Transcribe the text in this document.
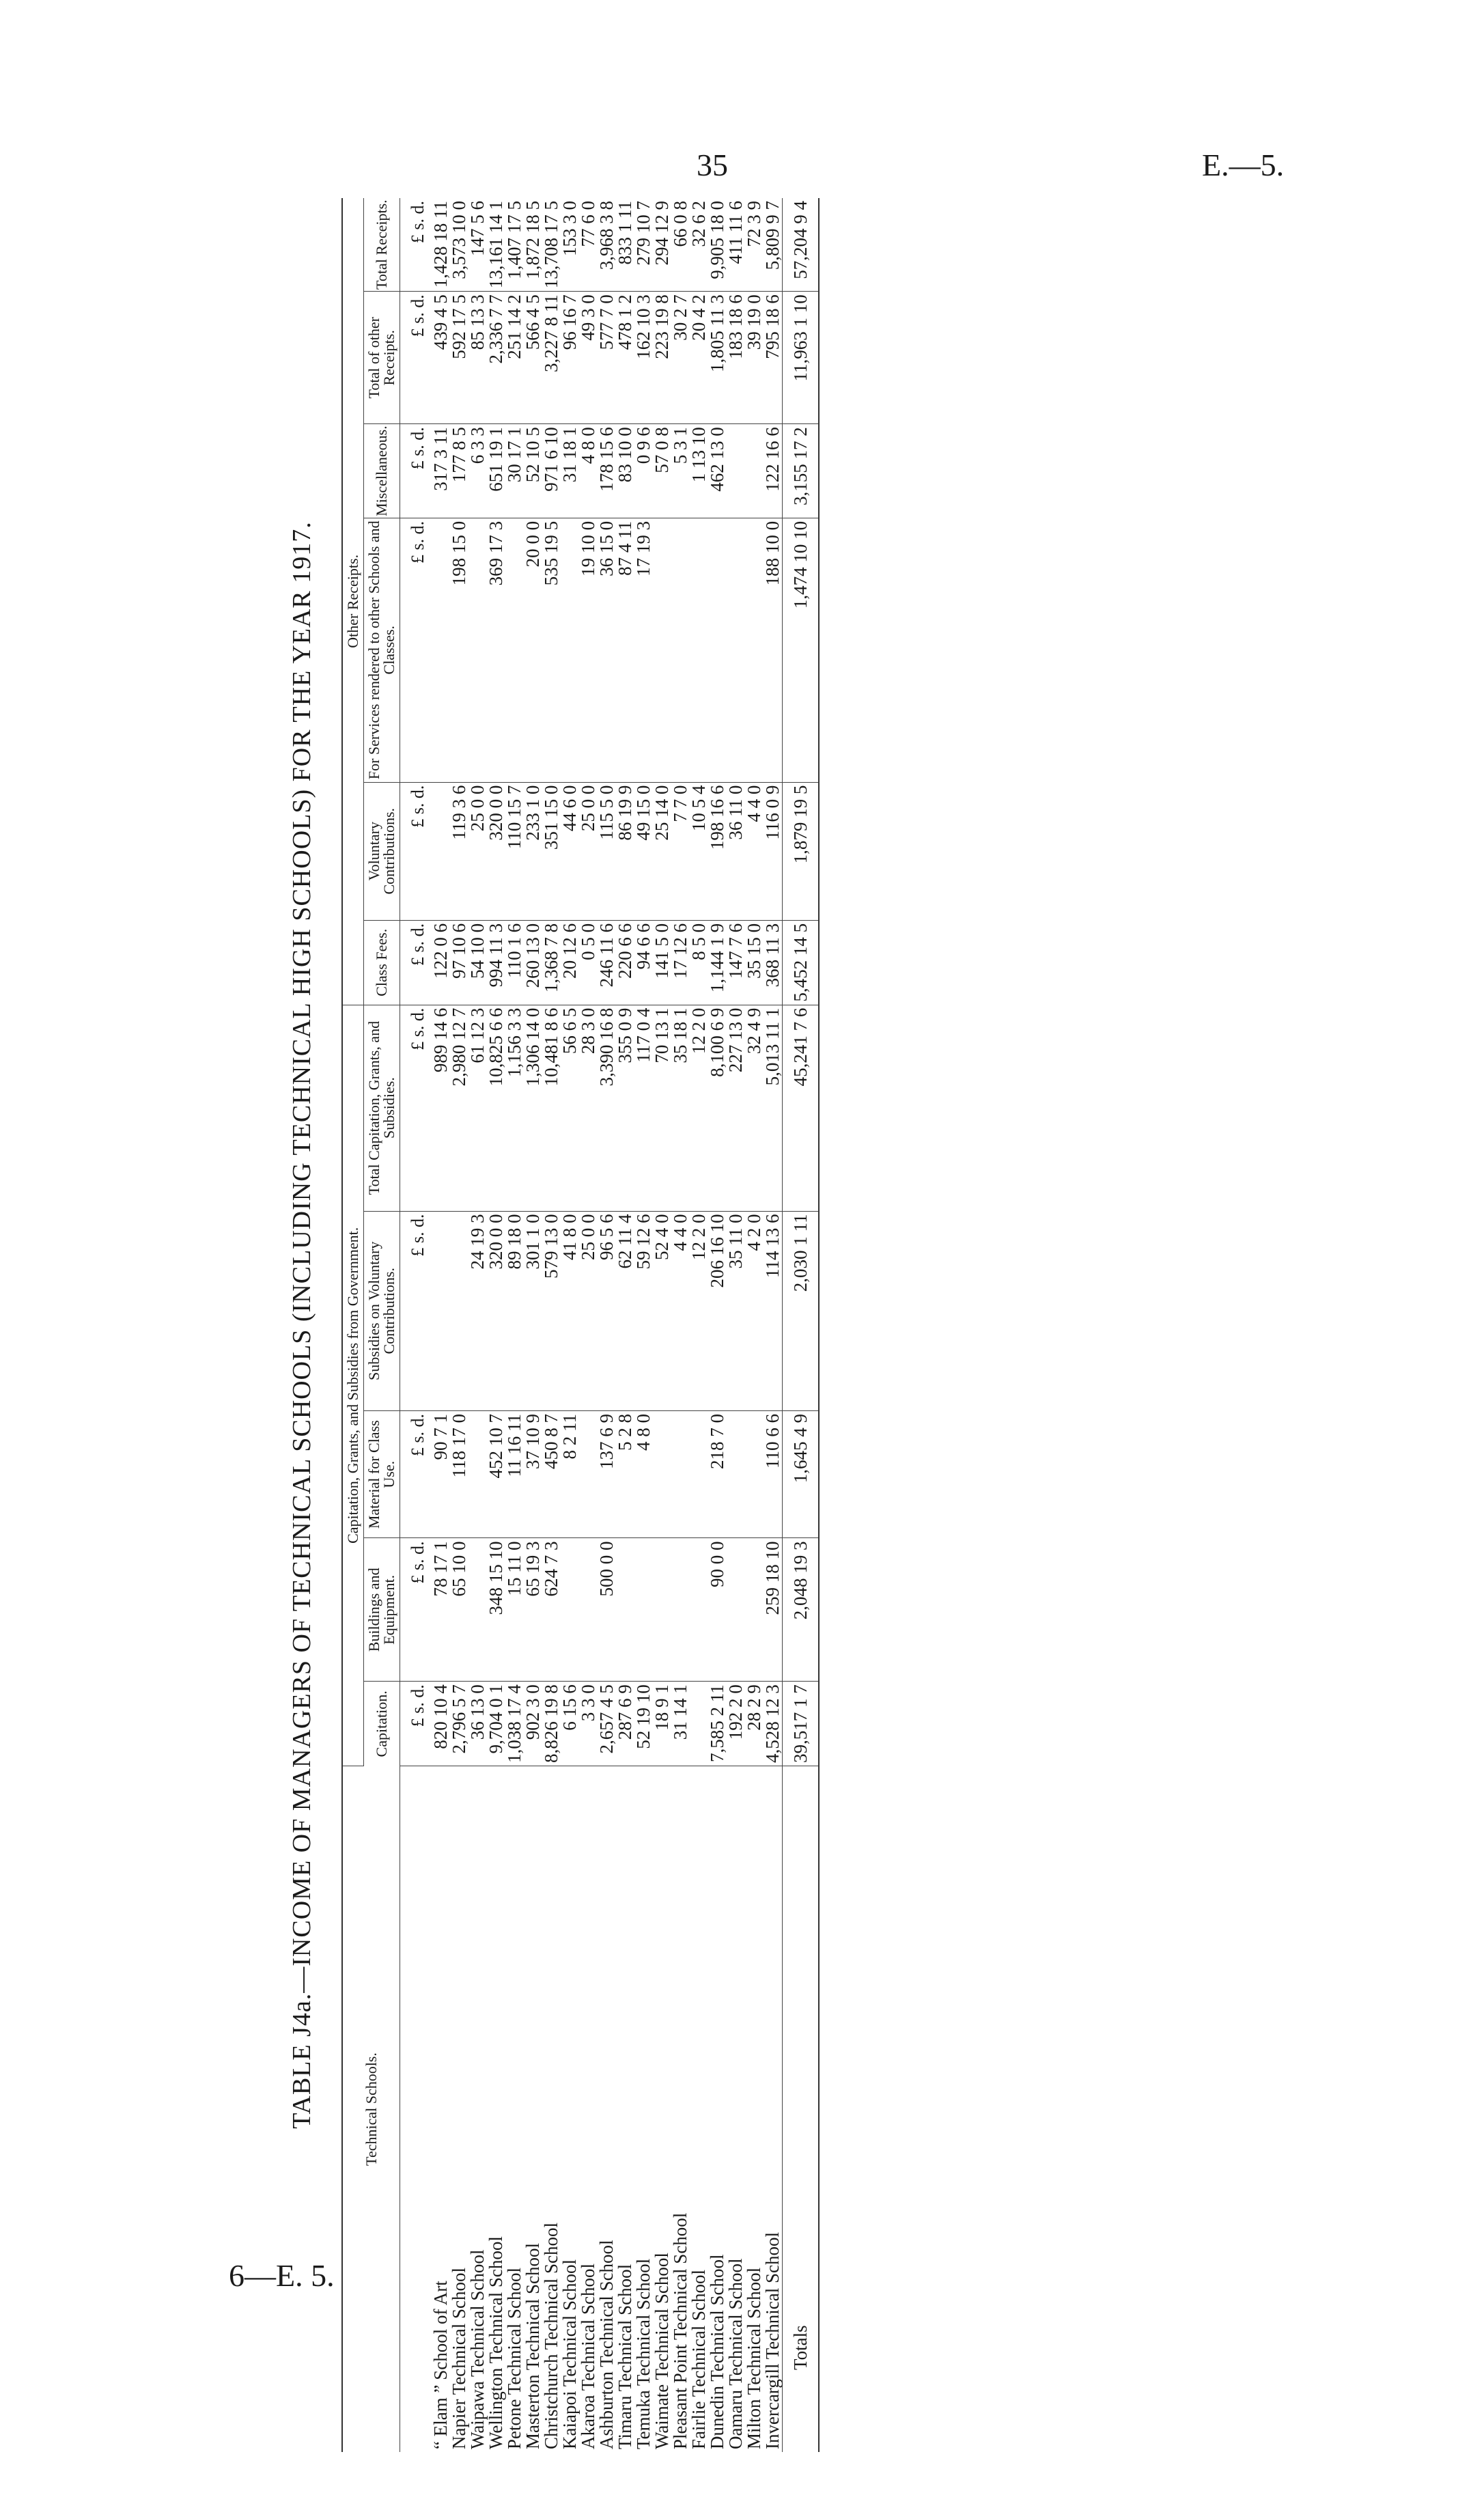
35	E.—5.
6—E. 5.
TABLE J4a.—INCOME OF MANAGERS OF TECHNICAL SCHOOLS (INCLUDING TECHNICAL HIGH SCHOOLS) FOR THE YEAR 1917.	Technical Schools.	Capitation, Grants, and Subsidies from Government.					Other Receipts.					
	Capitation.	Buildings and Equipment.	Material for Class Use.	Subsidies on Voluntary Contributions.	Total Capitation, Grants, and Subsidies.	Class Fees.	Voluntary Contributions.	For Services rendered to other Schools and Classes.	Miscellaneous.	Total of other Receipts.	Total Receipts.
	£ s. d.	£ s. d.	£ s. d.	£ s. d.	£ s. d.	£ s. d.	£ s. d.	£ s. d.	£ s. d.	£ s. d.	£ s. d.
“ Elam ” School of Art	820 10 4	78 17 1	90 7 1		989 14 6	122 0 6			317 3 11	439 4 5	1,428 18 11
Napier Technical School	2,796 5 7	65 10 0	118 17 0		2,980 12 7	97 10 6	119 3 6	198 15 0	177 8 5	592 17 5	3,573 10 0
Waipawa Technical School	36 13 0			24 19 3	61 12 3	54 10 0	25 0 0		6 3 3	85 13 3	147 5 6
Wellington Technical School	9,704 0 1	348 15 10	452 10 7	320 0 0	10,825 6 6	994 11 3	320 0 0	369 17 3	651 19 1	2,336 7 7	13,161 14 1
Petone Technical School	1,038 17 4	15 11 0	11 16 11	89 18 0	1,156 3 3	110 1 6	110 15 7		30 17 1	251 14 2	1,407 17 5
Masterton Technical School	902 3 0	65 19 3	37 10 9	301 1 0	1,306 14 0	260 13 0	233 1 0	20 0 0	52 10 5	566 4 5	1,872 18 5
Christchurch Technical School	8,826 19 8	624 7 3	450 8 7	579 13 0	10,481 8 6	1,368 7 8	351 15 0	535 19 5	971 6 10	3,227 8 11	13,708 17 5
Kaiapoi Technical School	6 15 6		8 2 11	41 8 0	56 6 5	20 12 6	44 6 0		31 18 1	96 16 7	153 3 0
Akaroa Technical School	3 3 0			25 0 0	28 3 0	0 5 0	25 0 0	19 10 0	4 8 0	49 3 0	77 6 0
Ashburton Technical School	2,657 4 5	500 0 0	137 6 9	96 5 6	3,390 16 8	246 11 6	115 5 0	36 15 0	178 15 6	577 7 0	3,968 3 8
Timaru Technical School	287 6 9		5 2 8	62 11 4	355 0 9	220 6 6	86 19 9	87 4 11	83 10 0	478 1 2	833 1 11
Temuka Technical School	52 19 10		4 8 0	59 12 6	117 0 4	94 6 6	49 15 0	17 19 3	0 9 6	162 10 3	279 10 7
Waimate Technical School	18 9 1			52 4 0	70 13 1	141 5 0	25 14 0		57 0 8	223 19 8	294 12 9
Pleasant Point Technical School	31 14 1			4 4 0	35 18 1	17 12 6	7 7 0		5 3 1	30 2 7	66 0 8
Fairlie Technical School				12 2 0	12 2 0	8 5 0	10 5 4		1 13 10	20 4 2	32 6 2
Dunedin Technical School	7,585 2 11	90 0 0	218 7 0	206 16 10	8,100 6 9	1,144 1 9	198 16 6		462 13 0	1,805 11 3	9,905 18 0
Oamaru Technical School	192 2 0			35 11 0	227 13 0	147 7 6	36 11 0			183 18 6	411 11 6
Milton Technical School	28 2 9			4 2 0	32 4 9	35 15 0	4 4 0			39 19 0	72 3 9
Invercargill Technical School	4,528 12 3	259 18 10	110 6 6	114 13 6	5,013 11 1	368 11 3	116 0 9	188 10 0	122 16 6	795 18 6	5,809 9 7
Totals	39,517 1 7	2,048 19 3	1,645 4 9	2,030 1 11	45,241 7 6	5,452 14 5	1,879 19 5	1,474 10 10	3,155 17 2	11,963 1 10	57,204 9 4
